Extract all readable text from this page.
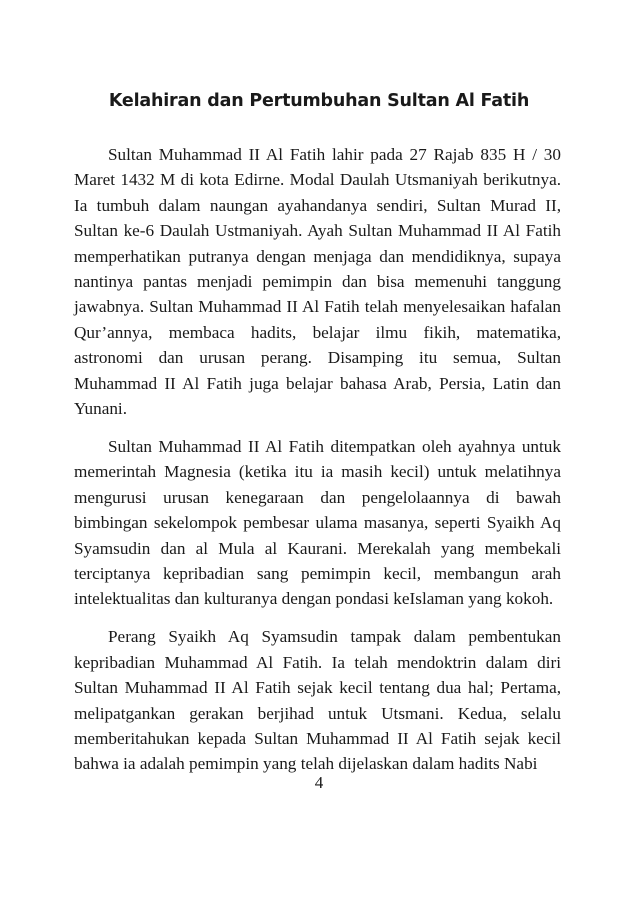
Kelahiran dan Pertumbuhan Sultan Al Fatih

Sultan Muhammad II Al Fatih lahir pada 27 Rajab 835 H / 30 Maret 1432 M di kota Edirne. Modal Daulah Utsmaniyah berikutnya. Ia tumbuh dalam naungan ayahandanya sendiri, Sultan Murad II, Sultan ke-6 Daulah Ustmaniyah. Ayah Sultan Muhammad II Al Fatih memperhatikan putranya dengan menjaga dan mendidiknya, supaya nantinya pantas menjadi pemimpin dan bisa memenuhi tanggung jawabnya. Sultan Muhammad II Al Fatih telah menyelesaikan hafalan Qur’annya, membaca hadits, belajar ilmu fikih, matematika, astronomi dan urusan perang. Disamping itu semua, Sultan Muhammad II Al Fatih juga belajar bahasa Arab, Persia, Latin dan Yunani.

Sultan Muhammad II Al Fatih ditempatkan oleh ayahnya untuk memerintah Magnesia (ketika itu ia masih kecil) untuk melatihnya mengurusi urusan kenegaraan dan pengelolaannya di bawah bimbingan sekelompok pembesar ulama masanya, seperti Syaikh Aq Syamsudin dan al Mula al Kaurani. Merekalah yang membekali terciptanya kepribadian sang pemimpin kecil, membangun arah intelektualitas dan kulturanya dengan pondasi keIslaman yang kokoh.

Perang Syaikh Aq Syamsudin tampak dalam pembentukan kepribadian Muhammad Al Fatih. Ia telah mendoktrin dalam diri Sultan Muhammad II Al Fatih sejak kecil tentang dua hal; Pertama, melipatgankan gerakan berjihad untuk Utsmani. Kedua, selalu memberitahukan kepada Sultan Muhammad II Al Fatih sejak kecil bahwa ia adalah pemimpin yang telah dijelaskan dalam hadits Nabi

4
